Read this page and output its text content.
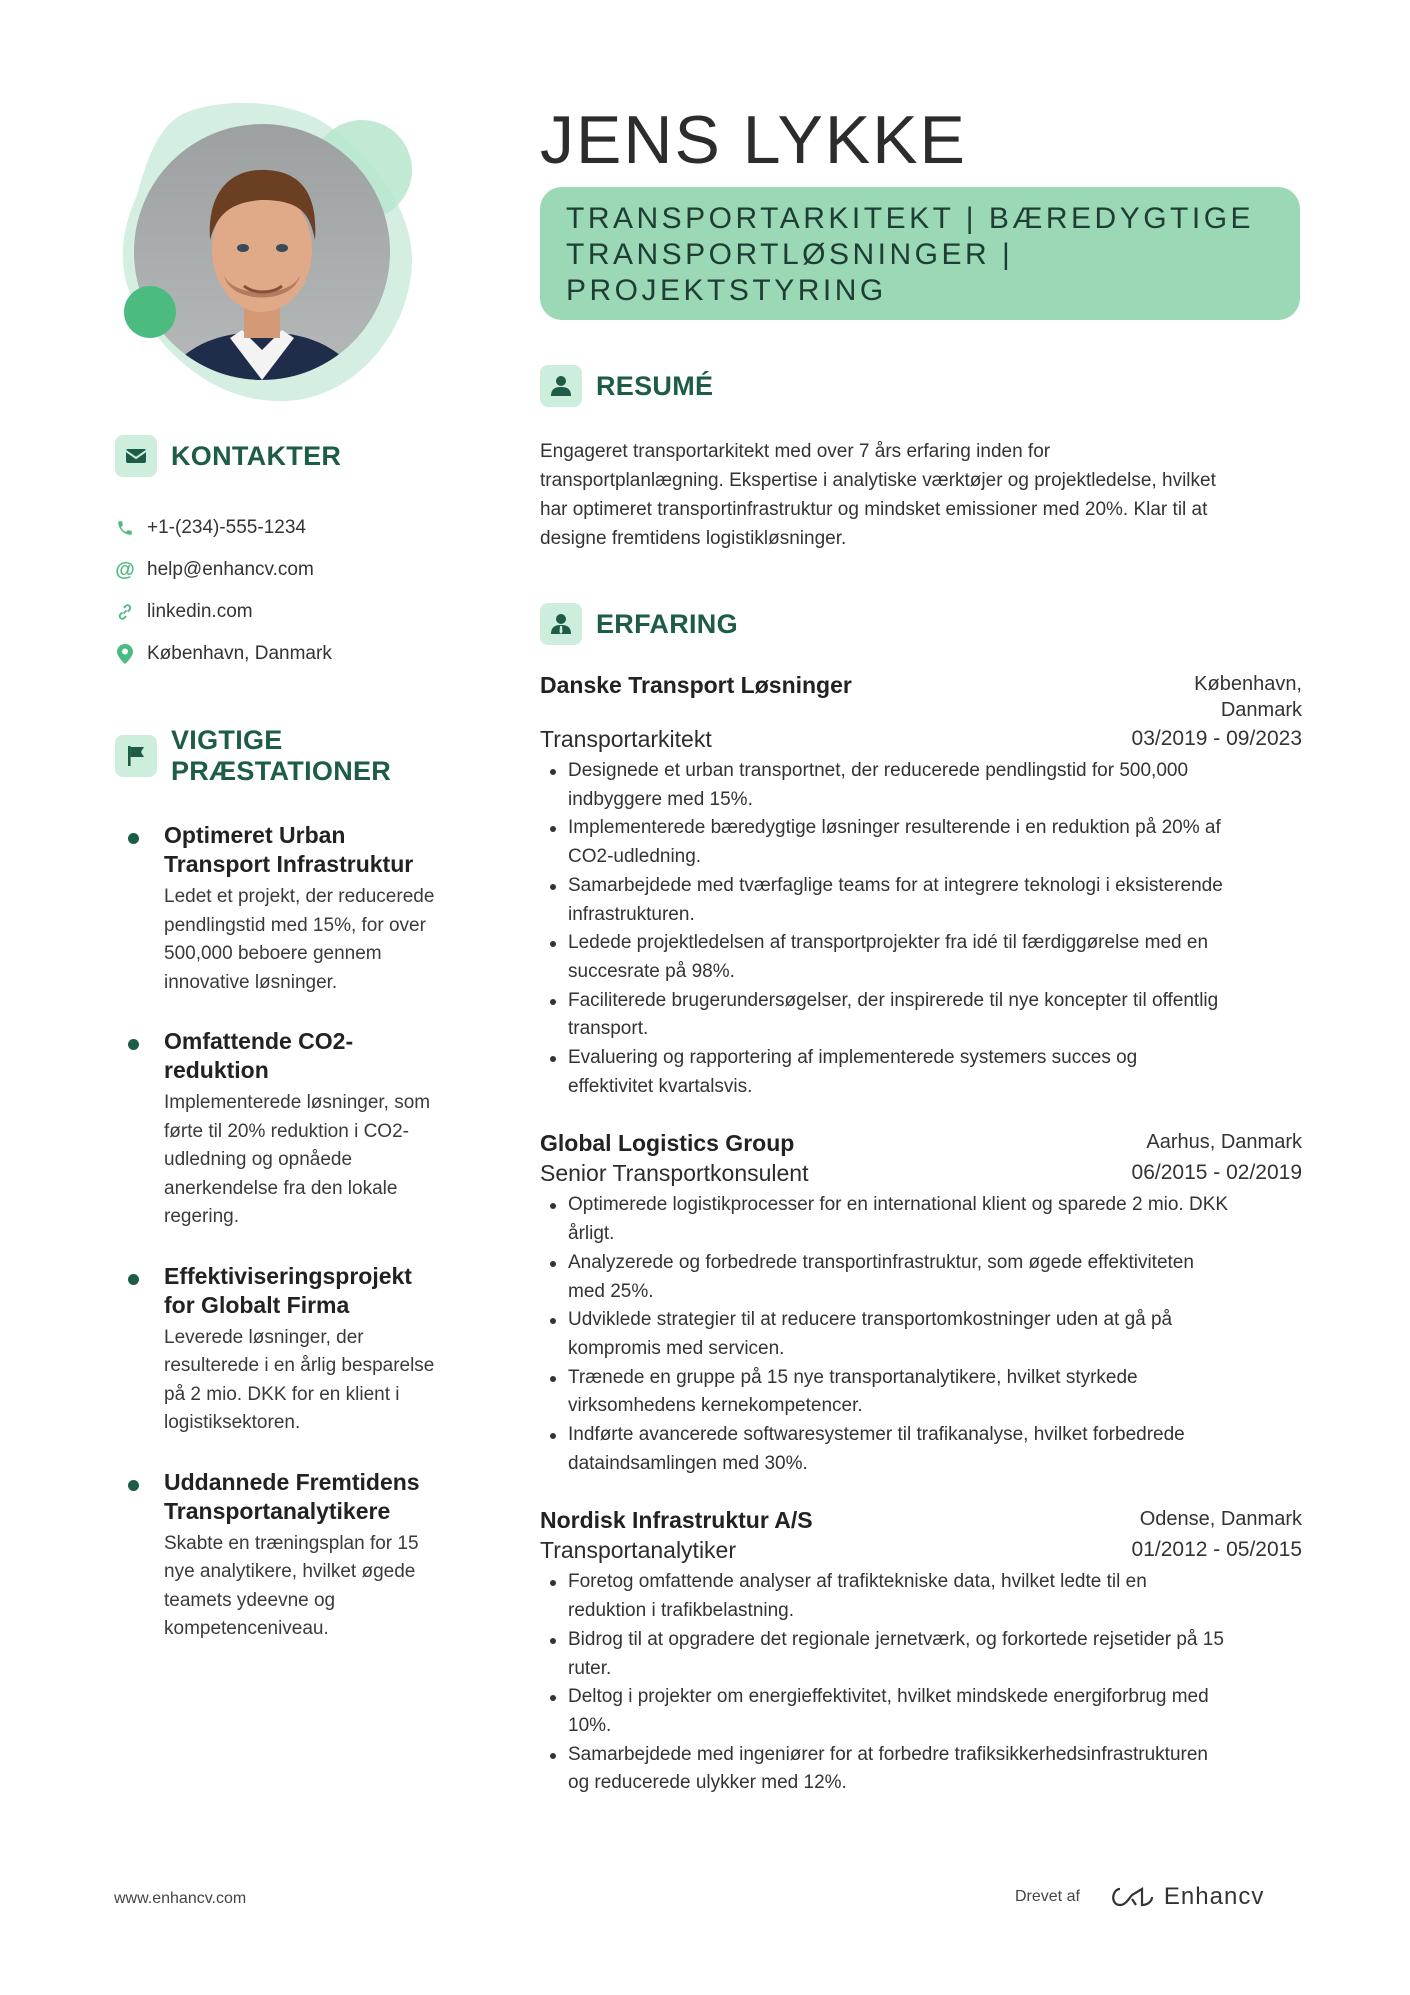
KONTAKTER
+1-(234)-555-1234
@ help@enhancv.com
linkedin.com
København, Danmark
VIGTIGE
PRÆSTATIONER
Optimeret Urban
Transport Infrastruktur
Ledet et projekt, der reducerede
pendlingstid med 15%, for over
500,000 beboere gennem
innovative løsninger.
Omfattende CO2-
reduktion
Implementerede løsninger, som
førte til 20% reduktion i CO2-
udledning og opnåede
anerkendelse fra den lokale
regering.
Effektiviseringsprojekt
for Globalt Firma
Leverede løsninger, der
resulterede i en årlig besparelse
på 2 mio. DKK for en klient i
logistiksektoren.
Uddannede Fremtidens
Transportanalytikere
Skabte en træningsplan for 15
nye analytikere, hvilket øgede
teamets ydeevne og
kompetenceniveau.
JENS LYKKE
TRANSPORTARKITEKT | BÆREDYGTIGE
TRANSPORTLØSNINGER |
PROJEKTSTYRING
RESUMÉ
Engageret transportarkitekt med over 7 års erfaring inden for
transportplanlægning. Ekspertise i analytiske værktøjer og projektledelse, hvilket
har optimeret transportinfrastruktur og mindsket emissioner med 20%. Klar til at
designe fremtidens logistikløsninger.
ERFARING
Danske Transport Løsninger	København,
Danmark
Transportarkitekt	03/2019 - 09/2023
Designede et urban transportnet, der reducerede pendlingstid for 500,000
indbyggere med 15%.
Implementerede bæredygtige løsninger resulterende i en reduktion på 20% af
CO2-udledning.
Samarbejdede med tværfaglige teams for at integrere teknologi i eksisterende
infrastrukturen.
Ledede projektledelsen af transportprojekter fra idé til færdiggørelse med en
succesrate på 98%.
Faciliterede brugerundersøgelser, der inspirerede til nye koncepter til offentlig
transport.
Evaluering og rapportering af implementerede systemers succes og
effektivitet kvartalsvis.
Global Logistics Group	Aarhus, Danmark
Senior Transportkonsulent	06/2015 - 02/2019
Optimerede logistikprocesser for en international klient og sparede 2 mio. DKK
årligt.
Analyzerede og forbedrede transportinfrastruktur, som øgede effektiviteten
med 25%.
Udviklede strategier til at reducere transportomkostninger uden at gå på
kompromis med servicen.
Trænede en gruppe på 15 nye transportanalytikere, hvilket styrkede
virksomhedens kernekompetencer.
Indførte avancerede softwaresystemer til trafikanalyse, hvilket forbedrede
dataindsamlingen med 30%.
Nordisk Infrastruktur A/S	Odense, Danmark
Transportanalytiker	01/2012 - 05/2015
Foretog omfattende analyser af trafiktekniske data, hvilket ledte til en
reduktion i trafikbelastning.
Bidrog til at opgradere det regionale jernetværk, og forkortede rejsetider på 15
ruter.
Deltog i projekter om energieffektivitet, hvilket mindskede energiforbrug med
10%.
Samarbejdede med ingeniører for at forbedre trafiksikkerhedsinfrastrukturen
og reducerede ulykker med 12%.
www.enhancv.com	Drevet af	Enhancv
